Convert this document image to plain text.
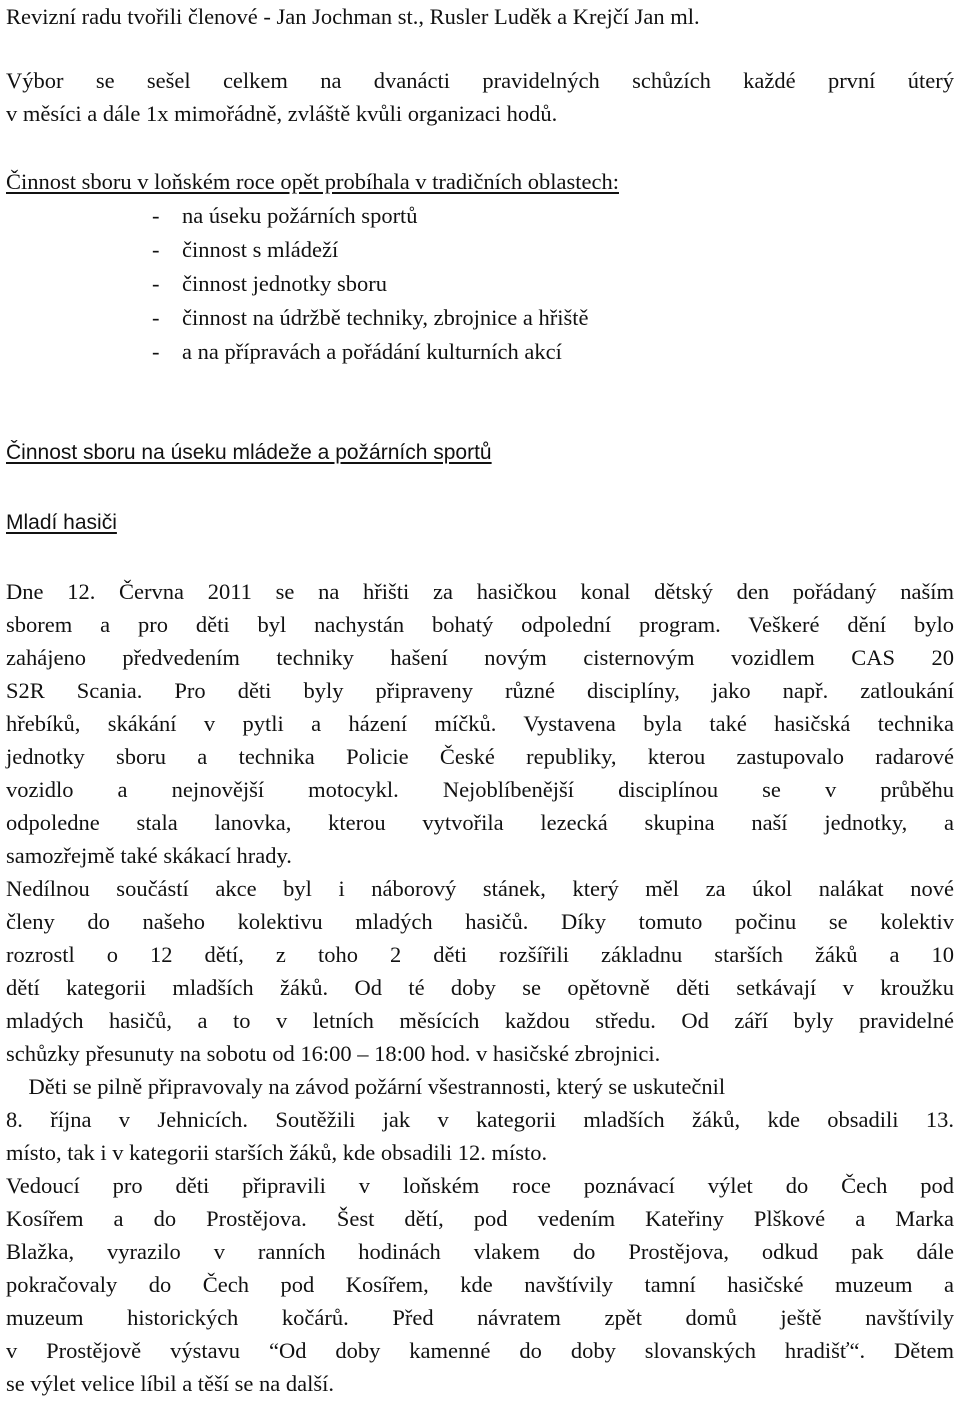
Revizní radu tvořili členové - Jan Jochman st., Rusler Luděk a Krejčí Jan ml.
Výbor se sešel celkem na dvanácti pravidelných schůzích každé první úterý
v měsíci a dále 1x mimořádně, zvláště kvůli organizaci hodů.
Činnost sboru v loňském roce opět probíhala v tradičních oblastech:
- na úseku požárních sportů
- činnost s mládeží
- činnost jednotky sboru
- činnost na údržbě techniky, zbrojnice a hřiště
- a na přípravách a pořádání kulturních akcí
Činnost sboru na úseku mládeže a požárních sportů
Mladí hasiči
Dne 12. Června 2011 se na hřišti za hasičkou konal dětský den pořádaný naším
sborem a pro děti byl nachystán bohatý odpolední program. Veškeré dění bylo
zahájeno předvedením techniky hašení novým cisternovým vozidlem CAS 20
S2R Scania. Pro děti byly připraveny různé disciplíny, jako např. zatloukání
hřebíků, skákání v pytli a házení míčků. Vystavena byla také hasičská technika
jednotky sboru a technika Policie České republiky, kterou zastupovalo radarové
vozidlo a nejnovější motocykl. Nejoblíbenější disciplínou se v průběhu
odpoledne stala lanovka, kterou vytvořila lezecká skupina naší jednotky, a
samozřejmě také skákací hrady.
Nedílnou součástí akce byl i náborový stánek, který měl za úkol nalákat nové
členy do našeho kolektivu mladých hasičů. Díky tomuto počinu se kolektiv
rozrostl o 12 dětí, z toho 2 děti rozšířili základnu starších žáků a 10
dětí kategorii mladších žáků. Od té doby se opětovně děti setkávají v kroužku
mladých hasičů, a to v letních měsících každou středu. Od září byly pravidelné
schůzky přesunuty na sobotu od 16:00 – 18:00 hod. v hasičské zbrojnici.
Děti se pilně připravovaly na závod požární všestrannosti, který se uskutečnil
8. října v Jehnicích. Soutěžili jak v kategorii mladších žáků, kde obsadili 13.
místo, tak i v kategorii starších žáků, kde obsadili 12. místo.
Vedoucí pro děti připravili v loňském roce poznávací výlet do Čech pod
Kosířem a do Prostějova. Šest dětí, pod vedením Kateřiny Plškové a Marka
Blažka, vyrazilo v ranních hodinách vlakem do Prostějova, odkud pak dále
pokračovaly do Čech pod Kosířem, kde navštívily tamní hasičské muzeum a
muzeum historických kočárů. Před návratem zpět domů ještě navštívily
v Prostějově výstavu “Od doby kamenné do doby slovanských hradišť“. Dětem
se výlet velice líbil a těší se na další.
